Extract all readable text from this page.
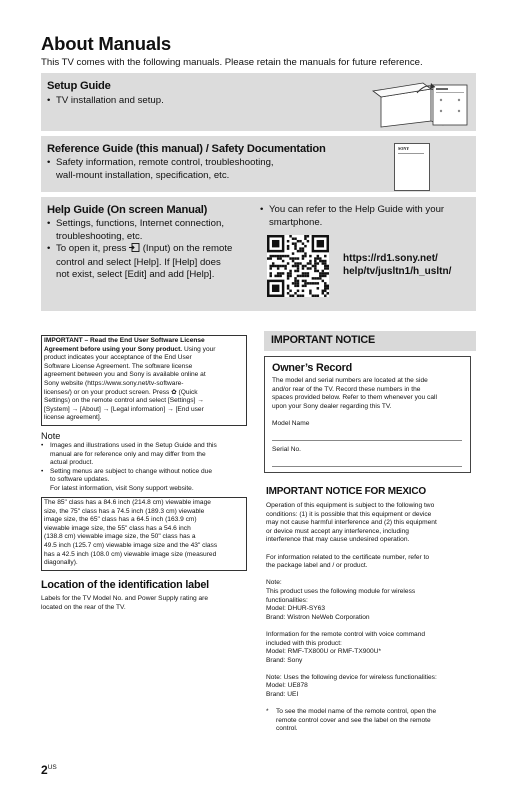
About Manuals
This TV comes with the following manuals. Please retain the manuals for future reference.
Setup Guide
• TV installation and setup.
Reference Guide (this manual) / Safety Documentation
• Safety information, remote control, troubleshooting,
wall-mount installation, specification, etc.
SONY
Help Guide (On screen Manual)
• Settings, functions, Internet connection,
troubleshooting, etc.
• To open it, press  (Input) on the remote
control and select [Help]. If [Help] does
not exist, select [Edit] and add [Help].
• You can refer to the Help Guide with your
smartphone.
https://rd1.sony.net/
help/tv/jusltn1/h_usltn/

IMPORTANT – Read the End User Software License

Agreement before using your Sony product. Using your

product indicates your acceptance of the End User

Software License Agreement. The software license

agreement between you and Sony is available online at

Sony website (https://www.sony.net/tv-software-

licenses/) or on your product screen. Press ✿ (Quick

Settings) on the remote control and select [Settings] →

[System] → [About] → [Legal information] → [End user

license agreement].

Note

• Images and illustrations used in the Setup Guide and this

manual are for reference only and may differ from the

actual product.

• Setting menus are subject to change without notice due

to software updates.

For latest information, visit Sony support website.

The 85" class has a 84.6 inch (214.8 cm) viewable image

size, the 75" class has a 74.5 inch (189.3 cm) viewable

image size, the 65" class has a 64.5 inch (163.9 cm)

viewable image size, the 55" class has a 54.6 inch

(138.8 cm) viewable image size, the 50" class has a

49.5 inch (125.7 cm) viewable image size and the 43" class

has a 42.5 inch (108.0 cm) viewable image size (measured

diagonally).

Location of the identification label

Labels for the TV Model No. and Power Supply rating are

located on the rear of the TV.

IMPORTANT NOTICE
Owner’s Record

The model and serial numbers are located at the side

and/or rear of the TV. Record these numbers in the

spaces provided below. Refer to them whenever you call

upon your Sony dealer regarding this TV.

Model Name
Serial No.
IMPORTANT NOTICE FOR MEXICO

Operation of this equipment is subject to the following two

conditions: (1) it is possible that this equipment or device

may not cause harmful interference and (2) this equipment

or device must accept any interference, including

interference that may cause undesired operation.

For information related to the certificate number, refer to

the package label and / or product.

Note:

This product uses the following module for wireless

functionalities:

Model: DHUR-SY63

Brand: Wistron NeWeb Corporation

Information for the remote control with voice command

included with this product:

Model: RMF-TX800U or RMF-TX900U*

Brand: Sony

Note: Uses the following device for wireless functionalities:

Model: UE878

Brand: UEI

* To see the model name of the remote control, open the

remote control cover and see the label on the remote

control.

$2^{US}$
